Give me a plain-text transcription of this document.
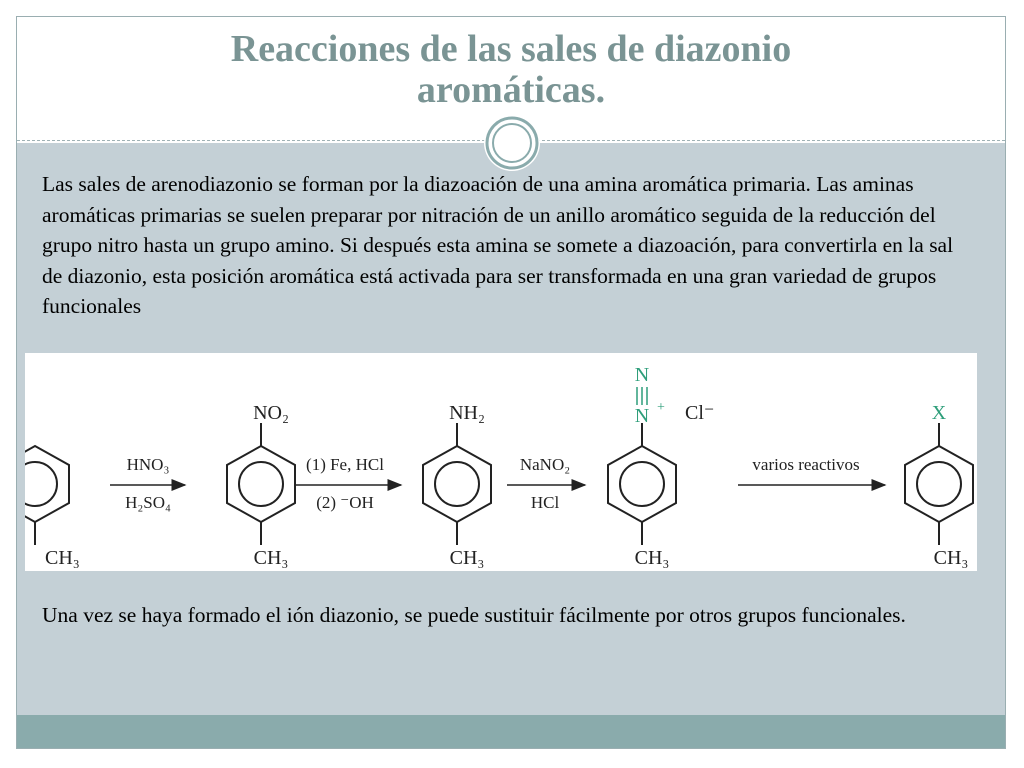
Reacciones de las sales de diazonio
aromáticas.
Las sales de arenodiazonio se forman por la diazoación de una amina aromática primaria. Las aminas aromáticas primarias se suelen preparar por nitración de un anillo aromático seguida de la reducción del grupo nitro hasta un grupo amino. Si después esta amina se somete a diazoación, para convertirla en la sal de diazonio, esta posición aromática está activada para ser transformada en una gran variedad de grupos funcionales
CH₃
HNO₃
H₂SO₄
NO₂
CH₃
(1) Fe, HCl
(2) ⁻OH
NH₂
CH₃
NaNO₂
HCl
N
N + Cl⁻
CH₃
varios reactivos
X
CH₃
Una vez se haya formado el ión diazonio, se puede sustituir fácilmente por otros grupos funcionales.
